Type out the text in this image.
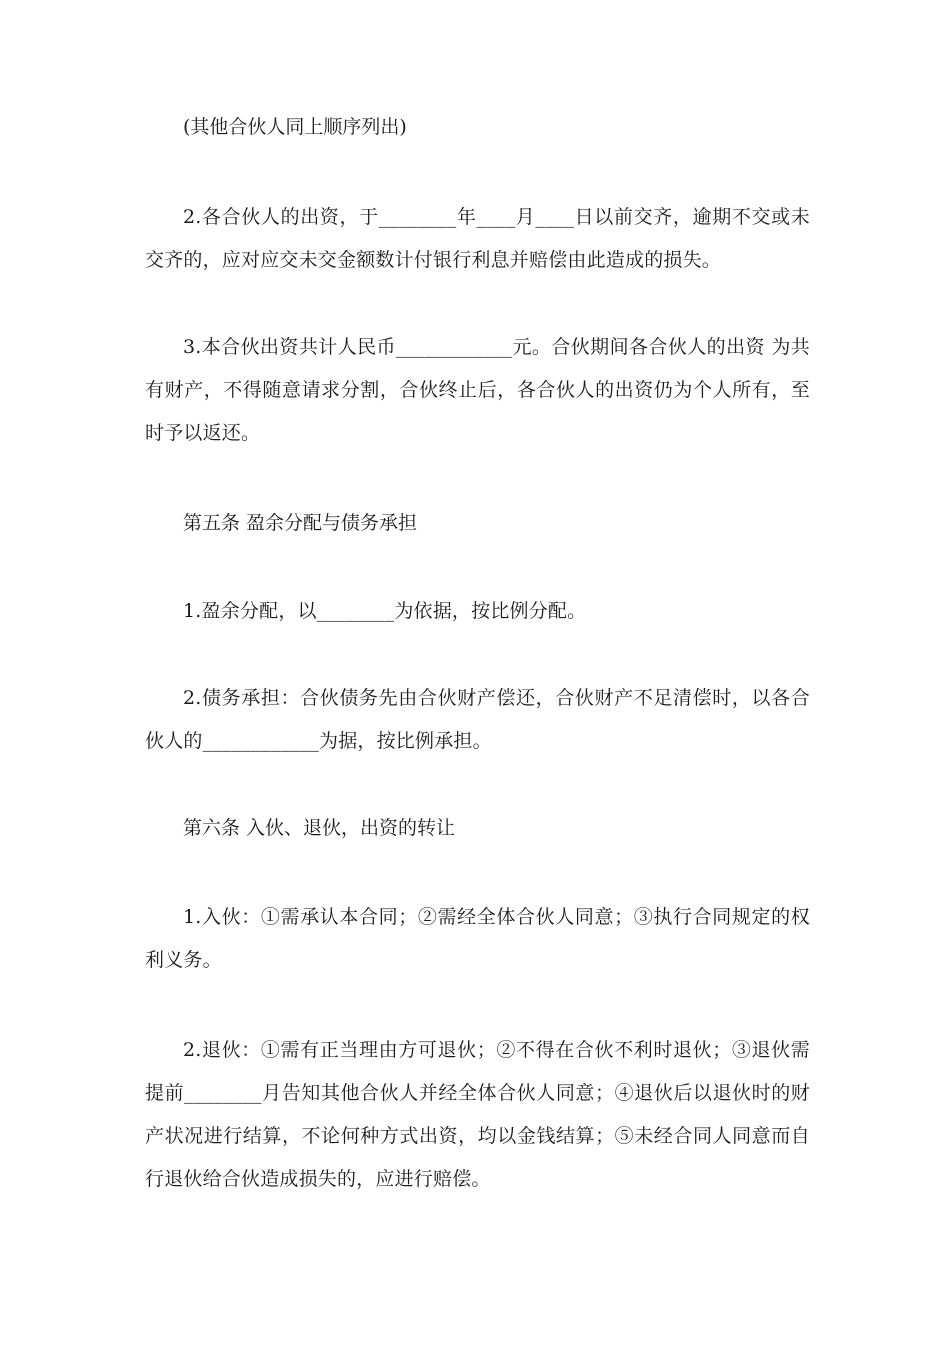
(其他合伙人同上顺序列出)

2.各合伙人的出资，于________年____月____日以前交齐，逾期不交或未交齐的，应对应交未交金额数计付银行利息并赔偿由此造成的损失。

3.本合伙出资共计人民币____________元。合伙期间各合伙人的出资 为共有财产，不得随意请求分割，合伙终止后，各合伙人的出资仍为个人所有，至时予以返还。

第五条 盈余分配与债务承担

1.盈余分配，以________为依据，按比例分配。

2.债务承担：合伙债务先由合伙财产偿还，合伙财产不足清偿时，以各合伙人的____________为据，按比例承担。

第六条 入伙、退伙，出资的转让

1.入伙：①需承认本合同；②需经全体合伙人同意；③执行合同规定的权利义务。

2.退伙：①需有正当理由方可退伙；②不得在合伙不利时退伙；③退伙需提前________月告知其他合伙人并经全体合伙人同意；④退伙后以退伙时的财产状况进行结算，不论何种方式出资，均以金钱结算；⑤未经合同人同意而自行退伙给合伙造成损失的，应进行赔偿。
